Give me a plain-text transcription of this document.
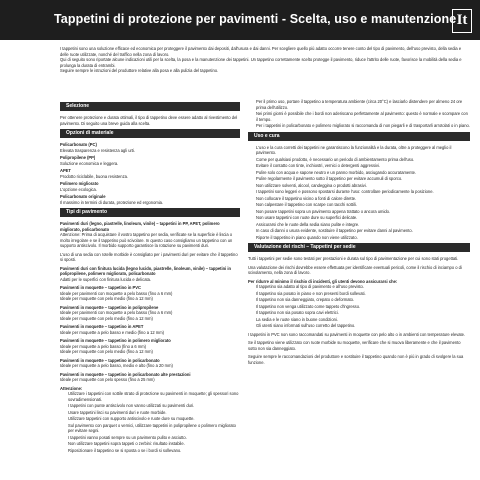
Tappetini di protezione per pavimenti - Scelta, uso e manutenzione It

I tappetini sono una soluzione efficace ed economica per proteggere il pavimento dai depositi, dall'usura e dai danni. Per scegliere quello più adatto occorre tenere conto del tipo di pavimento, dell'uso previsto, della sedia e delle ruote utilizzate, nonché del traffico nella zona di lavoro.

Qui di seguito sono riportate alcune indicazioni utili per la scelta, la posa e la manutenzione dei tappetini. Un tappetino correttamente scelto protegge il pavimento, riduce l'attrito delle ruote, favorisce la mobilità della sedia e prolunga la durata di entrambi.

Seguire sempre le istruzioni del produttore relative alla posa e alla pulizia del tappetino.

Selezione

Per ottenere protezione e durata ottimali, il tipo di tappetino deve essere adatto al rivestimento del pavimento. Di seguito una breve guida alla scelta.

Opzioni di materiale

Policarbonato (PC)

Elevata trasparenza e resistenza agli urti.

Polipropilene (PP)

Soluzione economica e leggera.

APET

Prodotto riciclabile, buona resistenza.

Polimero migliorato

L'opzione ecologica.

Policarbonato originale

Il massimo in termini di durata, protezione ed ergonomia.

Tipi di pavimento

Pavimenti duri (legno, piastrelle, linoleum, vinile) – tappetini in PP, APET, polimero migliorato, policarbonato

Attenzione: Prima di acquistare il vostro tappetino per sedia, verificate se la superficie è liscia o molto irregolare e se il tappetino può scivolare. In questo caso consigliamo un tappetino con un supporto antiscivolo. Il morbido supporto garantisce la rotazione su pavimenti duri.

L'uso di una sedia con rotelle morbide è consigliato per i pavimenti duri per evitare che il tappetino si sposti.

Pavimenti duri con finitura lucida (legno lucido, piastrelle, linoleum, vinile) – tappetini in polipropilene, polimero migliorato, policarbonato

Adatti per le superfici con finitura lucida e delicata.

Pavimenti in moquette – tappetino in PVC

Ideale per pavimenti con moquette a pelo basso (fino a 6 mm)

Ideale per moquette con pelo medio (fino a 12 mm)

Pavimenti in moquette – tappetino in polipropilene

Ideale per pavimenti con moquette a pelo basso (fino a 6 mm)

Ideale per moquette con pelo medio (fino a 12 mm)

Pavimenti in moquette – tappetino in APET

Ideale per moquette a pelo basso e medio (fino a 12 mm)

Pavimenti in moquette – tappetino in polimero migliorato

Ideale per moquette a pelo basso (fino a 6 mm)

Ideale per moquette con pelo medio (fino a 12 mm)

Pavimenti in moquette – tappetino in policarbonato

Ideale per moquette a pelo basso, medio e alto (fino a 20 mm)

Pavimenti in moquette – tappetino in policarbonato alte prestazioni

Ideale per moquette con pelo spesso (fino a 25 mm)

Attenzione:

• Utilizzare i tappetini con sottile strato di protezione su pavimenti in moquette; gli spessori sono sovradimensionati.
• I tappetini con punte antiscivolo non vanno utilizzati su pavimenti duri.
• Usare tappetini lisci su pavimenti duri e ruote morbide.
• Utilizzare tappetini con supporto antiscivolo e ruote dure su moquette.
• Sul pavimento con parquet o vernici, utilizzare tappetini in polipropilene o polimero migliorato per evitare segni.
• I tappetini vanno posati sempre su un pavimento pulito e asciutto.
• Non utilizzare tappetini sopra tappeti o zerbini: risultato instabile.
• Riposizionare il tappetino se si sposta o se i bordi si sollevano.
• Per il primo uso, portare il tappetino a temperatura ambiente (circa 20°C) e lasciarlo distendere per almeno 24 ore prima dell'utilizzo.
• Nei primi giorni è possibile che i bordi non aderiscano perfettamente al pavimento: questo è normale e scompare con il tempo.
• Per i tappetini in policarbonato e polimero migliorato si raccomanda di non piegarli e di trasportarli arrotolati o in piano.
Uso e cura
• L'uso e la cura corretti dei tappetini ne garantiscono la funzionalità e la durata, oltre a proteggere al meglio il pavimento.
• Come per qualsiasi prodotto, è necessario un periodo di ambientamento prima dell'uso.
• Evitare il contatto con tinte, inchiostri, vernici o detergenti aggressivi.
• Pulire solo con acqua e sapone neutro e un panno morbido, asciugando accuratamente.
• Pulire regolarmente il pavimento sotto il tappetino per evitare accumuli di sporco.
• Non utilizzare solventi, alcool, candeggina o prodotti abrasivi.
• I tappetini sono leggeri e possono spostarsi durante l'uso: controllare periodicamente la posizione.
• Non collocare il tappetino vicino a fonti di calore dirette.
• Non calpestare il tappetino con scarpe con tacchi sottili.
• Non posare tappetini sopra un pavimento appena trattato o ancora umido.
• Non usare tappetini con ruote dure su superfici delicate.
• Assicurarsi che le ruote della sedia siano pulite e integre.
• In caso di danni o usura evidente, sostituire il tappetino per evitare danni al pavimento.
• Riporre il tappetino in piano quando non viene utilizzato.
Valutazione dei rischi – Tappetini per sedie

Tutti i tappetini per sedie sono testati per prestazioni e durata sul tipo di pavimentazione per cui sono stati progettati.

Una valutazione dei rischi dovrebbe essere effettuata per identificare eventuali pericoli, come il rischio di inciampo o di scivolamento, nella zona di lavoro.

Per ridurre al minimo il rischio di incidenti, gli utenti devono assicurarsi che:

• Il tappetino sia adatto al tipo di pavimento e all'uso previsto.
• Il tappetino sia posato in piano e non presenti bordi sollevati.
• Il tappetino non sia danneggiato, crepato o deformato.
• Il tappetino non venga utilizzato come tappeto d'ingresso.
• Il tappetino non sia posato sopra cavi elettrici.
• La sedia e le ruote siano in buone condizioni.
• Gli utenti siano informati sull'uso corretto del tappetino.

I tappetini in PVC non sono raccomandati su pavimenti in moquette con pelo alto o in ambienti con temperature elevate.

Se il tappetino viene utilizzato con ruote morbide su moquette, verificare che si muova liberamente e che il pavimento sotto non sia danneggiato.

Seguire sempre le raccomandazioni del produttore e sostituire il tappetino quando non è più in grado di svolgere la sua funzione.
